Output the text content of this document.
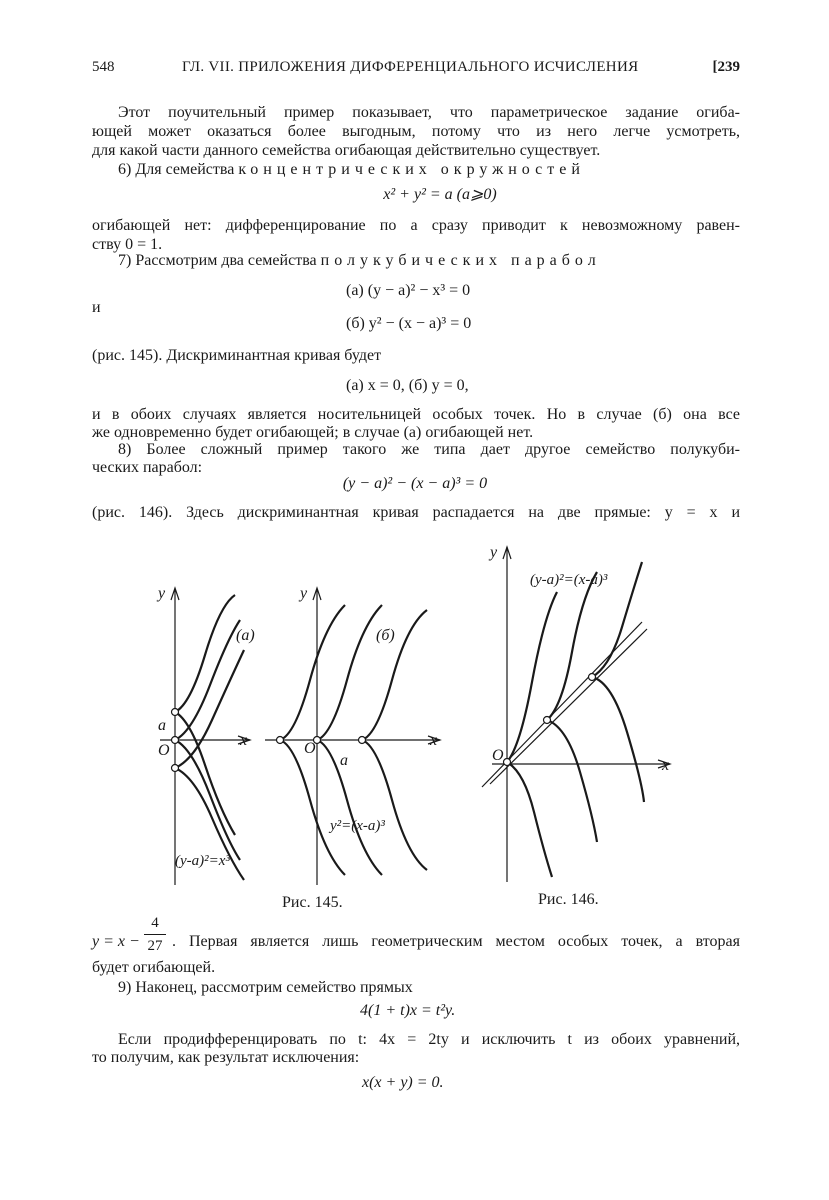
548	ГЛ. VII. ПРИЛОЖЕНИЯ ДИФФЕРЕНЦИАЛЬНОГО ИСЧИСЛЕНИЯ	[239
Этот поучительный пример показывает, что параметрическое задание огиба-
ющей может оказаться более выгодным, потому что из него легче усмотреть,
для какой части данного семейства огибающая действительно существует.
6) Для семейства концентрических окружностей
x² + y² = a (a⩾0)
огибающей нет: дифференцирование по a сразу приводит к невозможному равен-
ству 0 = 1.
7) Рассмотрим два семейства полукубических парабол
(а) (y − a)² − x³ = 0
и
(б) y² − (x − a)³ = 0
(рис. 145). Дискриминантная кривая будет
(а) x = 0, (б) y = 0,
и в обоих случаях является носительницей особых точек. Но в случае (б) она все
же одновременно будет огибающей; в случае (а) огибающей нет.
8) Более сложный пример такого же типа дает другое семейство полукуби-
ческих парабол:
(y − a)² − (x − a)³ = 0
(рис. 146). Здесь дискриминантная кривая распадается на две прямые: y = x и
y
x
(а)
a
O
y
x
(б)
O
a
(y-a)²=x³
y²=(x-a)³
Рис. 145.
y
x
O
(y-a)²=(x-a)³
Рис. 146.
y = x −
4
27 . Первая является лишь геометрическим местом особых точек, а вторая
будет огибающей.
9) Наконец, рассмотрим семейство прямых
4(1 + t)x = t²y.
Если продифференцировать по t: 4x = 2ty и исключить t из обоих уравнений,
то получим, как результат исключения:
x(x + y) = 0.
